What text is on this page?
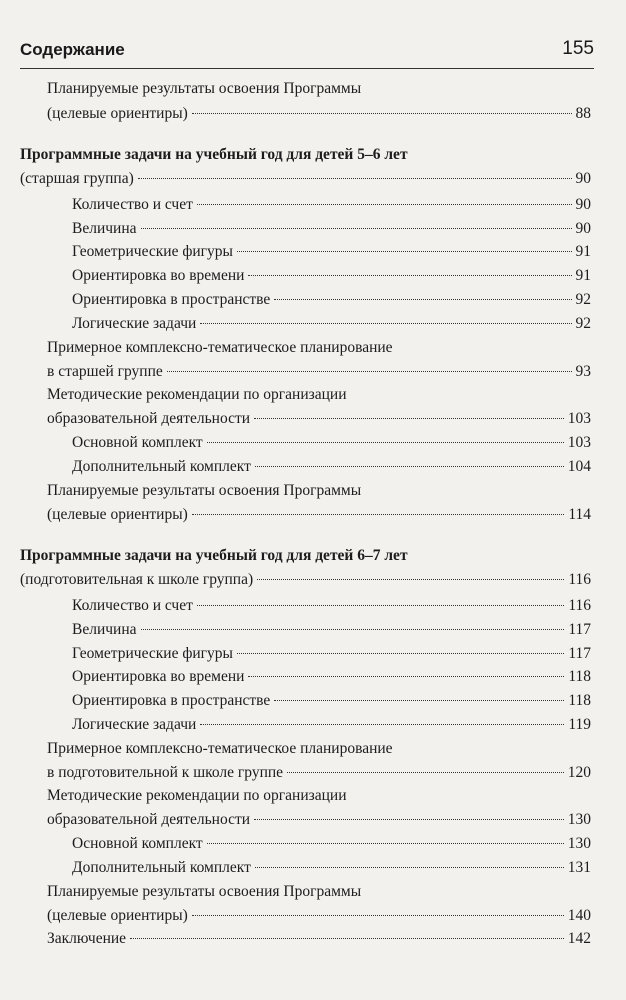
Содержание	155
Планируемые результаты освоения Программы
(целевые ориентиры)	88
Программные задачи на учебный год для детей 5–6 лет
(старшая группа)	90
Количество и счет	90
Величина	90
Геометрические фигуры	91
Ориентировка во времени	91
Ориентировка в пространстве	92
Логические задачи	92
Примерное комплексно-тематическое планирование
в старшей группе	93
Методические рекомендации по организации
образовательной деятельности	103
Основной комплект	103
Дополнительный комплект	104
Планируемые результаты освоения Программы
(целевые ориентиры)	114
Программные задачи на учебный год для детей 6–7 лет
(подготовительная к школе группа)	116
Количество и счет	116
Величина	117
Геометрические фигуры	117
Ориентировка во времени	118
Ориентировка в пространстве	118
Логические задачи	119
Примерное комплексно-тематическое планирование
в подготовительной к школе группе	120
Методические рекомендации по организации
образовательной деятельности	130
Основной комплект	130
Дополнительный комплект	131
Планируемые результаты освоения Программы
(целевые ориентиры)	140
Заключение	142
